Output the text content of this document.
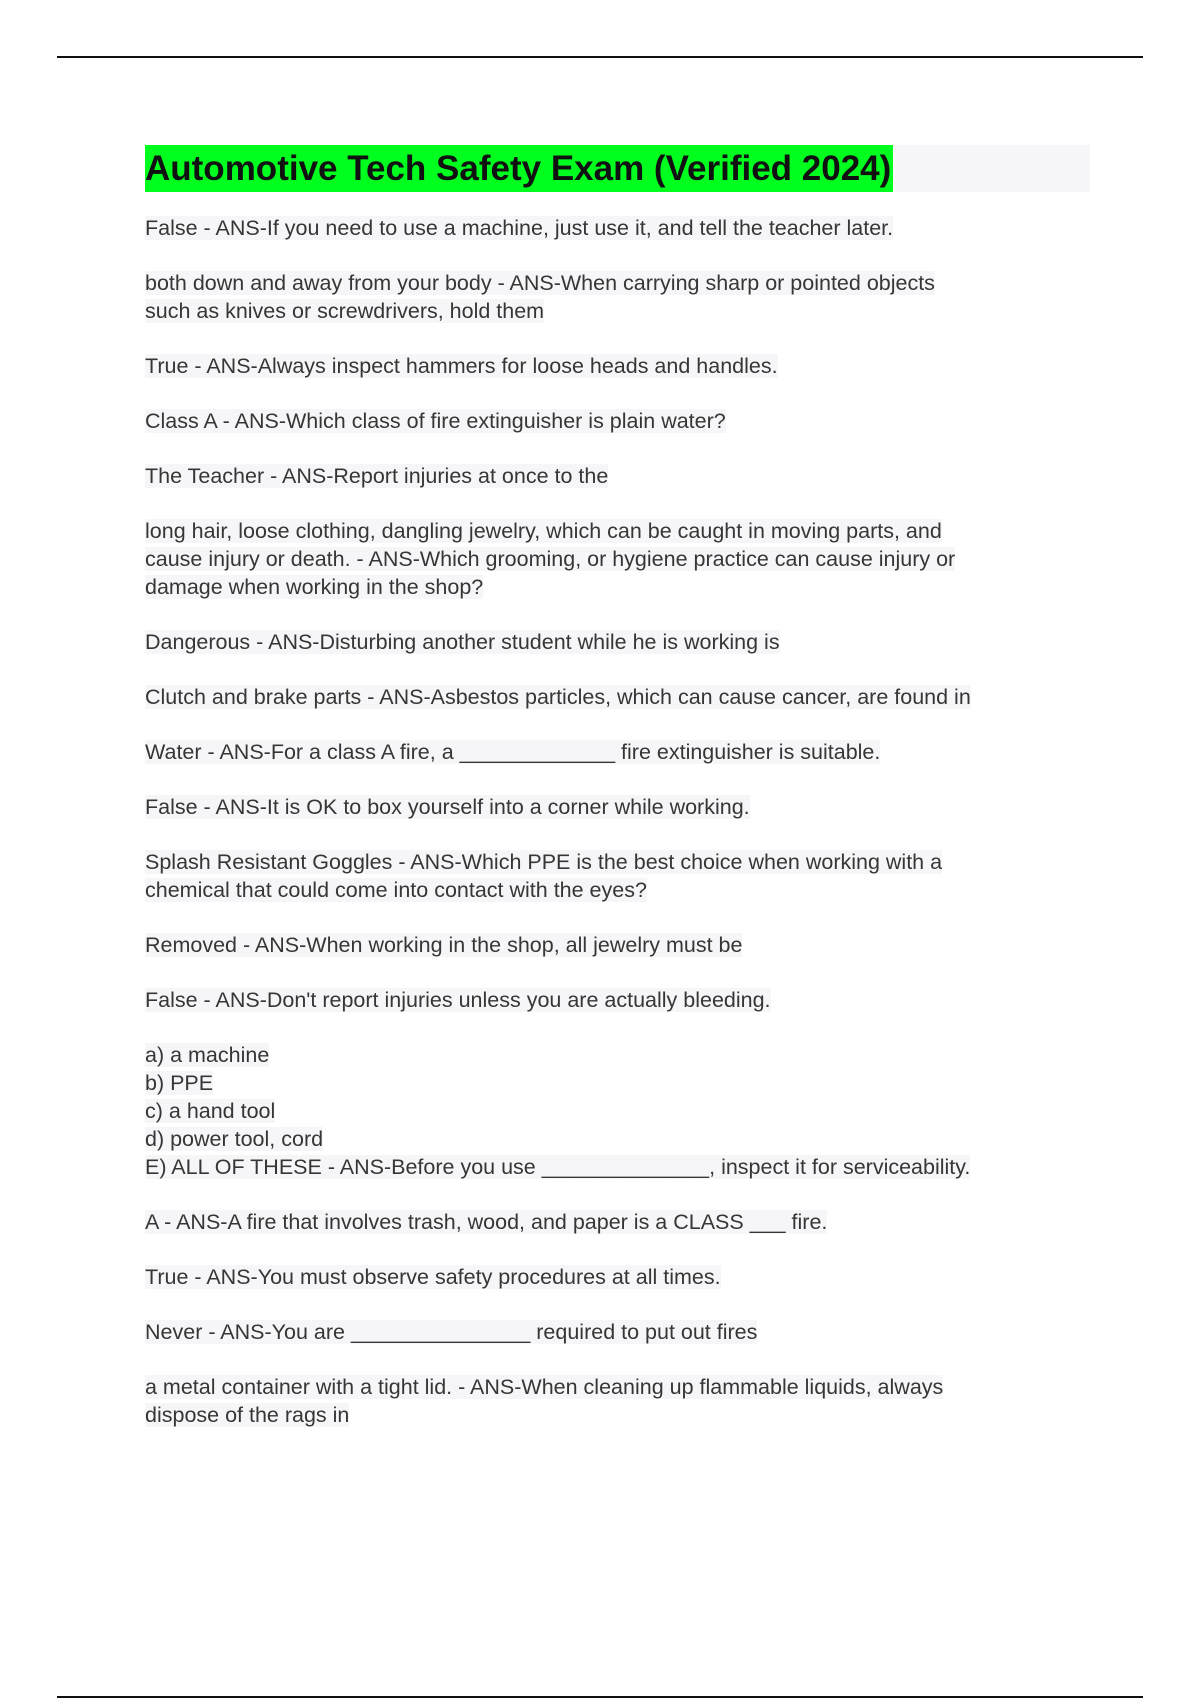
Automotive Tech Safety Exam (Verified 2024)
False - ANS-If you need to use a machine, just use it, and tell the teacher later.
both down and away from your body - ANS-When carrying sharp or pointed objects
such as knives or screwdrivers, hold them
True - ANS-Always inspect hammers for loose heads and handles.
Class A - ANS-Which class of fire extinguisher is plain water?
The Teacher - ANS-Report injuries at once to the
long hair, loose clothing, dangling jewelry, which can be caught in moving parts, and
cause injury or death. - ANS-Which grooming, or hygiene practice can cause injury or
damage when working in the shop?
Dangerous - ANS-Disturbing another student while he is working is
Clutch and brake parts - ANS-Asbestos particles, which can cause cancer, are found in
Water - ANS-For a class A fire, a _____________ fire extinguisher is suitable.
False - ANS-It is OK to box yourself into a corner while working.
Splash Resistant Goggles - ANS-Which PPE is the best choice when working with a
chemical that could come into contact with the eyes?
Removed - ANS-When working in the shop, all jewelry must be
False - ANS-Don't report injuries unless you are actually bleeding.
a) a machine
b) PPE
c) a hand tool
d) power tool, cord
E) ALL OF THESE - ANS-Before you use ______________, inspect it for serviceability.
A - ANS-A fire that involves trash, wood, and paper is a CLASS ___ fire.
True - ANS-You must observe safety procedures at all times.
Never - ANS-You are _______________ required to put out fires
a metal container with a tight lid. - ANS-When cleaning up flammable liquids, always
dispose of the rags in
